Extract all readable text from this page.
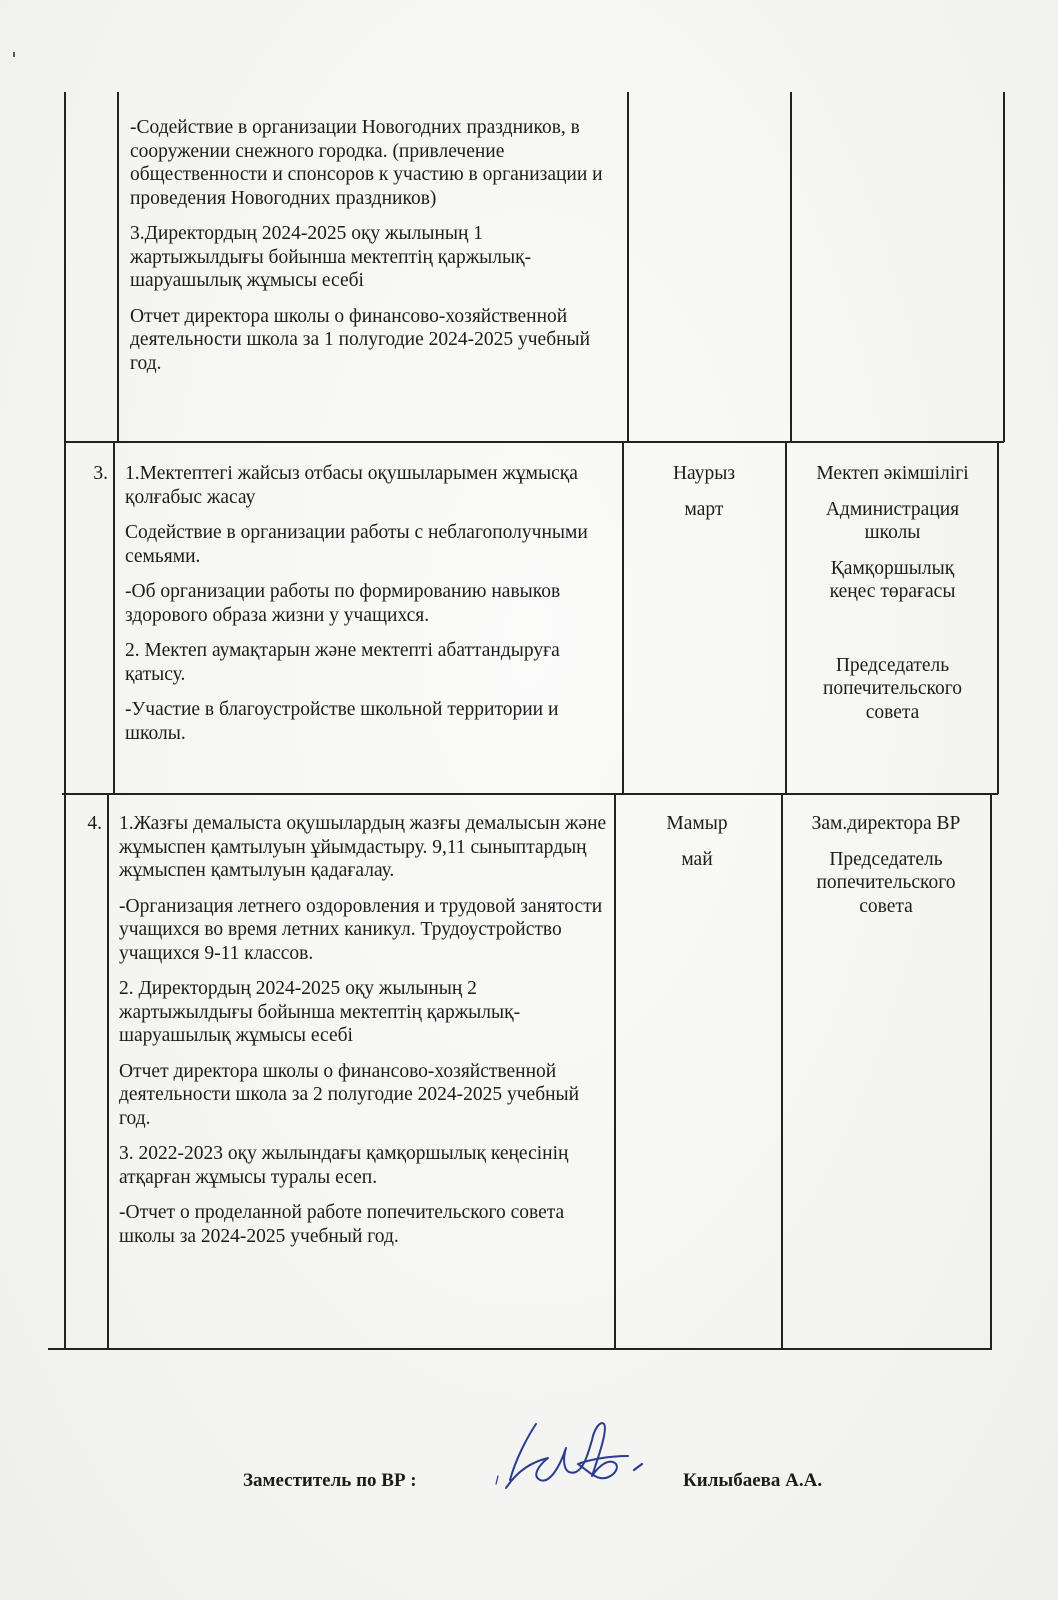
-Содействие в организации Новогодних праздников, в сооружении снежного городка. (привлечение общественности и спонсоров к участию в организации и проведения Новогодних праздников)

3.Директордың 2024-2025 оқу жылының 1 жартыжылдығы бойынша мектептің қаржылық-шаруашылық жұмысы есебі

Отчет директора школы о финансово-хозяйственной деятельности школа за 1 полугодие 2024-2025 учебный год.

3. 1.Мектептегі жайсыз отбасы оқушыларымен жұмысқа қолғабыс жасау

Содействие в организации работы с неблагополучными семьями.

-Об организации работы по формированию навыков здорового образа жизни у учащихся.

2. Мектеп аумақтарын және мектепті абаттандыруға қатысу.

-Участие в благоустройстве школьной территории и школы.

Наурыз

март

Мектеп әкімшілігі

Администрация школы

Қамқоршылық кеңес төрағасы

Председатель попечительского совета

4. 1.Жазғы демалыста оқушылардың жазғы демалысын және жұмыспен қамтылуын ұйымдастыру. 9,11 сыныптардың жұмыспен қамтылуын қадағалау.

-Организация летнего оздоровления и трудовой занятости учащихся во время летних каникул. Трудоустройство учащихся 9-11 классов.

2. Директордың 2024-2025 оқу жылының 2 жартыжылдығы бойынша мектептің қаржылық-шаруашылық жұмысы есебі

Отчет директора школы о финансово-хозяйственной деятельности школа за 2 полугодие 2024-2025 учебный год.

3. 2022-2023 оқу жылындағы қамқоршылық кеңесінің атқарған жұмысы туралы есеп.

-Отчет о проделанной работе попечительского совета школы за 2024-2025 учебный год.

Мамыр

май

Зам.директора ВР

Председатель попечительского совета

Заместитель по ВР :	Килыбаева А.А.
